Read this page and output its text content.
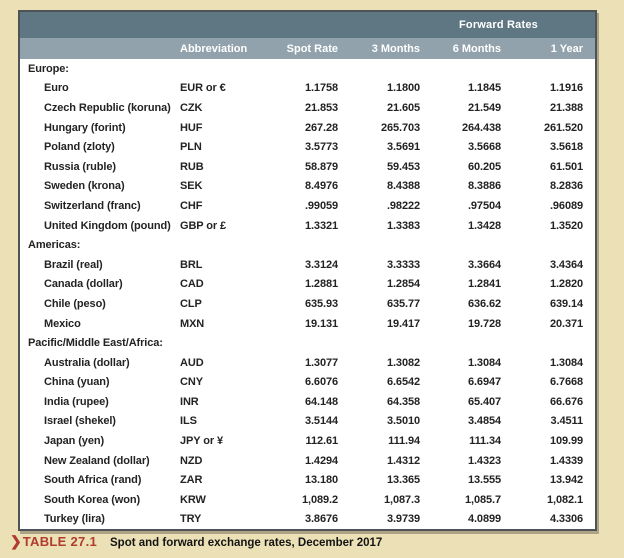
			Forward Rates		
	Abbreviation	Spot Rate	3 Months	6 Months	1 Year
Europe:					
Euro	EUR or €	1.1758	1.1800	1.1845	1.1916
Czech Republic (koruna)	CZK	21.853	21.605	21.549	21.388
Hungary (forint)	HUF	267.28	265.703	264.438	261.520
Poland (zloty)	PLN	3.5773	3.5691	3.5668	3.5618
Russia (ruble)	RUB	58.879	59.453	60.205	61.501
Sweden (krona)	SEK	8.4976	8.4388	8.3886	8.2836
Switzerland (franc)	CHF	.99059	.98222	.97504	.96089
United Kingdom (pound)	GBP or £	1.3321	1.3383	1.3428	1.3520
Americas:					
Brazil (real)	BRL	3.3124	3.3333	3.3664	3.4364
Canada (dollar)	CAD	1.2881	1.2854	1.2841	1.2820
Chile (peso)	CLP	635.93	635.77	636.62	639.14
Mexico	MXN	19.131	19.417	19.728	20.371
Pacific/Middle East/Africa:					
Australia (dollar)	AUD	1.3077	1.3082	1.3084	1.3084
China (yuan)	CNY	6.6076	6.6542	6.6947	6.7668
India (rupee)	INR	64.148	64.358	65.407	66.676
Israel (shekel)	ILS	3.5144	3.5010	3.4854	3.4511
Japan (yen)	JPY or ¥	112.61	111.94	111.34	109.99
New Zealand (dollar)	NZD	1.4294	1.4312	1.4323	1.4339
South Africa (rand)	ZAR	13.180	13.365	13.555	13.942
South Korea (won)	KRW	1,089.2	1,087.3	1,085.7	1,082.1
Turkey (lira)	TRY	3.8676	3.9739	4.0899	4.3306
❯ TABLE 27.1 Spot and forward exchange rates, December 2017
